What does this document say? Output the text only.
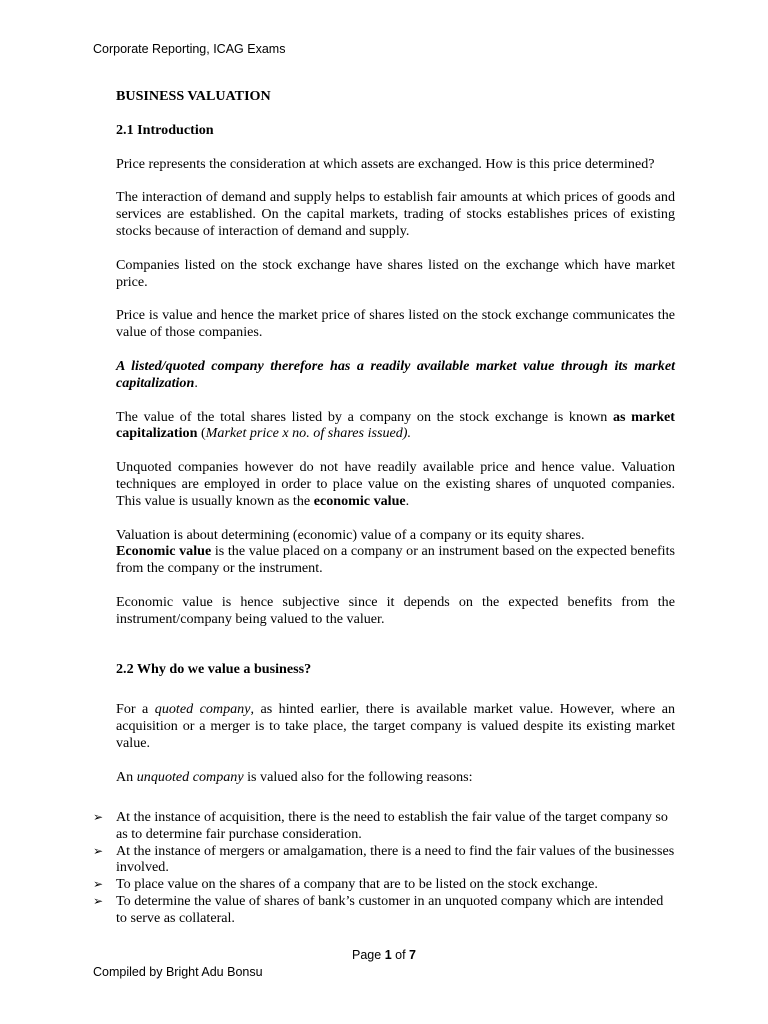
Corporate Reporting, ICAG Exams
BUSINESS VALUATION
2.1 Introduction

Price represents the consideration at which assets are exchanged. How is this price determined?

The interaction of demand and supply helps to establish fair amounts at which prices of goods and services are established. On the capital markets, trading of stocks establishes prices of existing stocks because of interaction of demand and supply.

Companies listed on the stock exchange have shares listed on the exchange which have market price.

Price is value and hence the market price of shares listed on the stock exchange communicates the value of those companies.

A listed/quoted company therefore has a readily available market value through its market capitalization.

The value of the total shares listed by a company on the stock exchange is known as market capitalization (Market price x no. of shares issued).

Unquoted companies however do not have readily available price and hence value. Valuation techniques are employed in order to place value on the existing shares of unquoted companies. This value is usually known as the economic value.

Valuation is about determining (economic) value of a company or its equity shares.

Economic value is the value placed on a company or an instrument based on the expected benefits from the company or the instrument.

Economic value is hence subjective since it depends on the expected benefits from the instrument/company being valued to the valuer.

2.2 Why do we value a business?

For a quoted company, as hinted earlier, there is available market value. However, where an acquisition or a merger is to take place, the target company is valued despite its existing market value.

An unquoted company is valued also for the following reasons:

➢ At the instance of acquisition, there is the need to establish the fair value of the target company so as to determine fair purchase consideration.
➢ At the instance of mergers or amalgamation, there is a need to find the fair values of the businesses involved.
➢ To place value on the shares of a company that are to be listed on the stock exchange.
➢ To determine the value of shares of bank’s customer in an unquoted company which are intended to serve as collateral.
Page 1 of 7
Compiled by Bright Adu Bonsu
